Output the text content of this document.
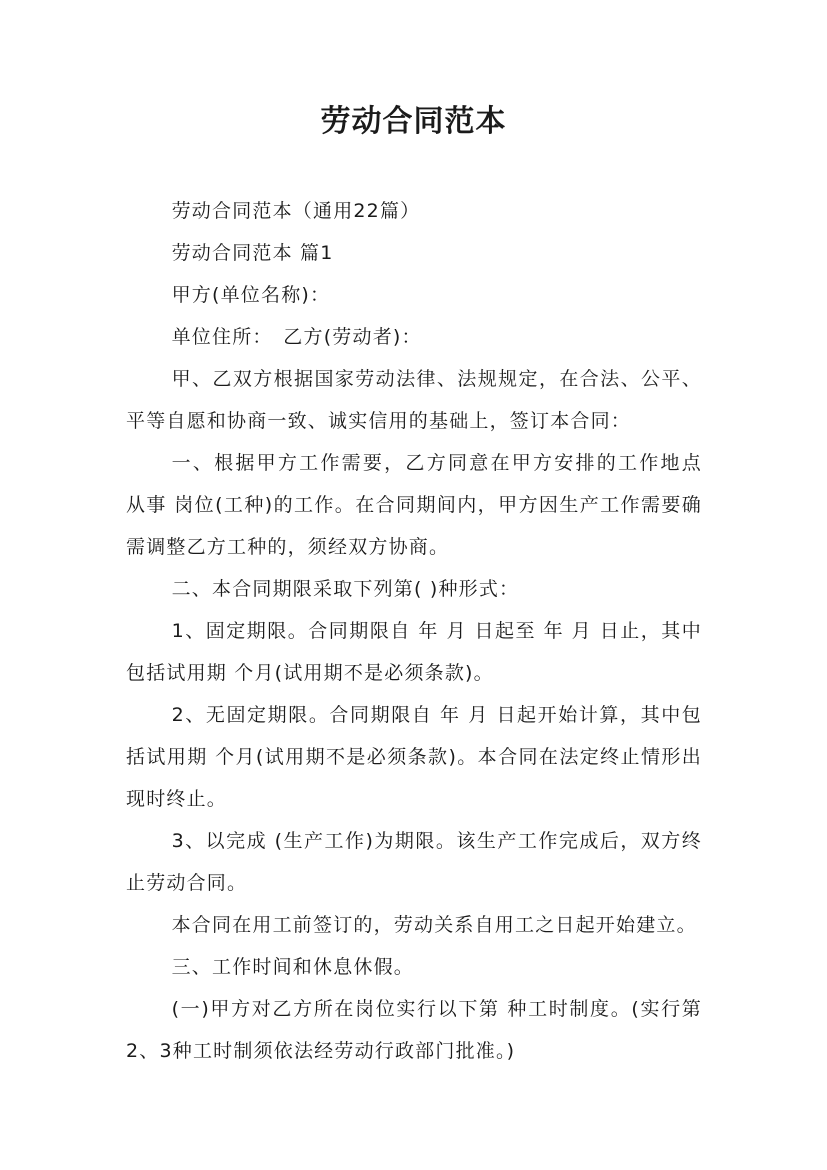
劳动合同范本

劳动合同范本（通用22篇）

劳动合同范本 篇1

甲方(单位名称)：

单位住所：　乙方(劳动者)：

甲、乙双方根据国家劳动法律、法规规定，在合法、公平、平等自愿和协商一致、诚实信用的基础上，签订本合同：

一、根据甲方工作需要，乙方同意在甲方安排的工作地点 从事 岗位(工种)的工作。在合同期间内，甲方因生产工作需要确需调整乙方工种的，须经双方协商。

二、本合同期限采取下列第( )种形式：

1、固定期限。合同期限自 年 月 日起至 年 月 日止，其中包括试用期 个月(试用期不是必须条款)。

2、无固定期限。合同期限自 年 月 日起开始计算，其中包括试用期 个月(试用期不是必须条款)。本合同在法定终止情形出现时终止。

3、以完成 (生产工作)为期限。该生产工作完成后，双方终止劳动合同。

本合同在用工前签订的，劳动关系自用工之日起开始建立。

三、工作时间和休息休假。

(一)甲方对乙方所在岗位实行以下第 种工时制度。(实行第2、3种工时制须依法经劳动行政部门批准。)
